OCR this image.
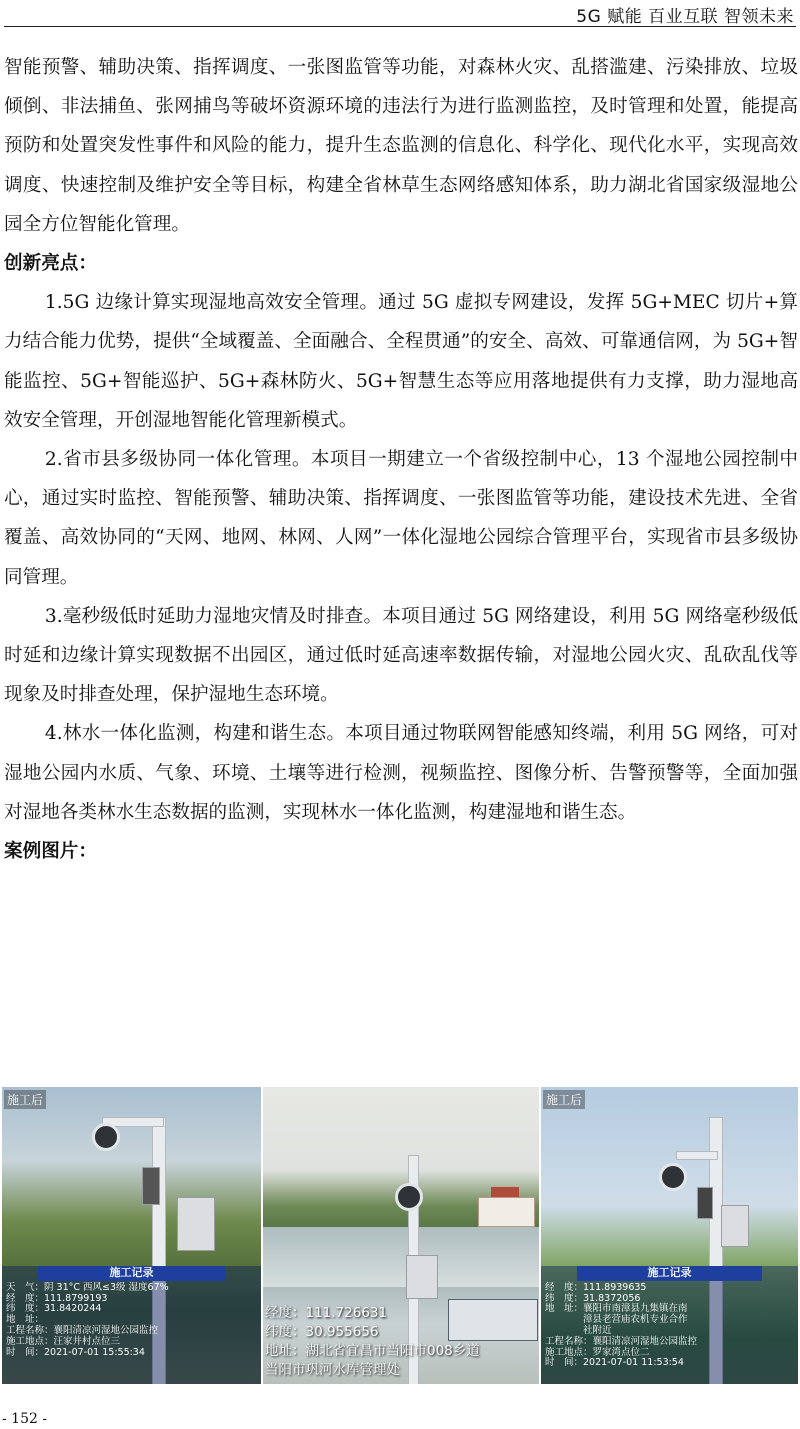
5G 赋能 百业互联 智领未来

智能预警、辅助决策、指挥调度、一张图监管等功能，对森林火灾、乱搭滥建、污染排放、垃圾倾倒、非法捕鱼、张网捕鸟等破坏资源环境的违法行为进行监测监控，及时管理和处置，能提高预防和处置突发性事件和风险的能力，提升生态监测的信息化、科学化、现代化水平，实现高效调度、快速控制及维护安全等目标，构建全省林草生态网络感知体系，助力湖北省国家级湿地公园全方位智能化管理。

创新亮点：

1.5G 边缘计算实现湿地高效安全管理。通过 5G 虚拟专网建设，发挥 5G+MEC 切片+算力结合能力优势，提供“全域覆盖、全面融合、全程贯通”的安全、高效、可靠通信网，为 5G+智能监控、5G+智能巡护、5G+森林防火、5G+智慧生态等应用落地提供有力支撑，助力湿地高效安全管理，开创湿地智能化管理新模式。

2.省市县多级协同一体化管理。本项目一期建立一个省级控制中心，13 个湿地公园控制中心，通过实时监控、智能预警、辅助决策、指挥调度、一张图监管等功能，建设技术先进、全省覆盖、高效协同的“天网、地网、林网、人网”一体化湿地公园综合管理平台，实现省市县多级协同管理。

3.毫秒级低时延助力湿地灾情及时排查。本项目通过 5G 网络建设，利用 5G 网络毫秒级低时延和边缘计算实现数据不出园区，通过低时延高速率数据传输，对湿地公园火灾、乱砍乱伐等现象及时排查处理，保护湿地生态环境。

4.林水一体化监测，构建和谐生态。本项目通过物联网智能感知终端，利用 5G 网络，可对湿地公园内水质、气象、环境、土壤等进行检测，视频监控、图像分析、告警预警等，全面加强对湿地各类林水生态数据的监测，实现林水一体化监测，构建湿地和谐生态。

案例图片：

施工后
施工记录
天　气：阴 31°C 西风≤3级 湿度67%
经　度：111.8799193
纬　度：31.8420244
地　址：
工程名称：襄阳清凉河湿地公园监控
施工地点：汪家井村点位三
时　间：2021-07-01 15:55:34
经度：111.726631
纬度：30.955656
地址：湖北省宜昌市当阳市008乡道
当阳市巩河水库管理处
施工后
施工记录
经　度：111.8939635
纬　度：31.8372056
地　址：襄阳市南漳县九集镇在南
　　　　漳县老营庙农机专业合作
　　　　社附近
工程名称：襄阳清凉河湿地公园监控
施工地点：罗家湾点位二
时　间：2021-07-01 11:53:54
- 152 -
